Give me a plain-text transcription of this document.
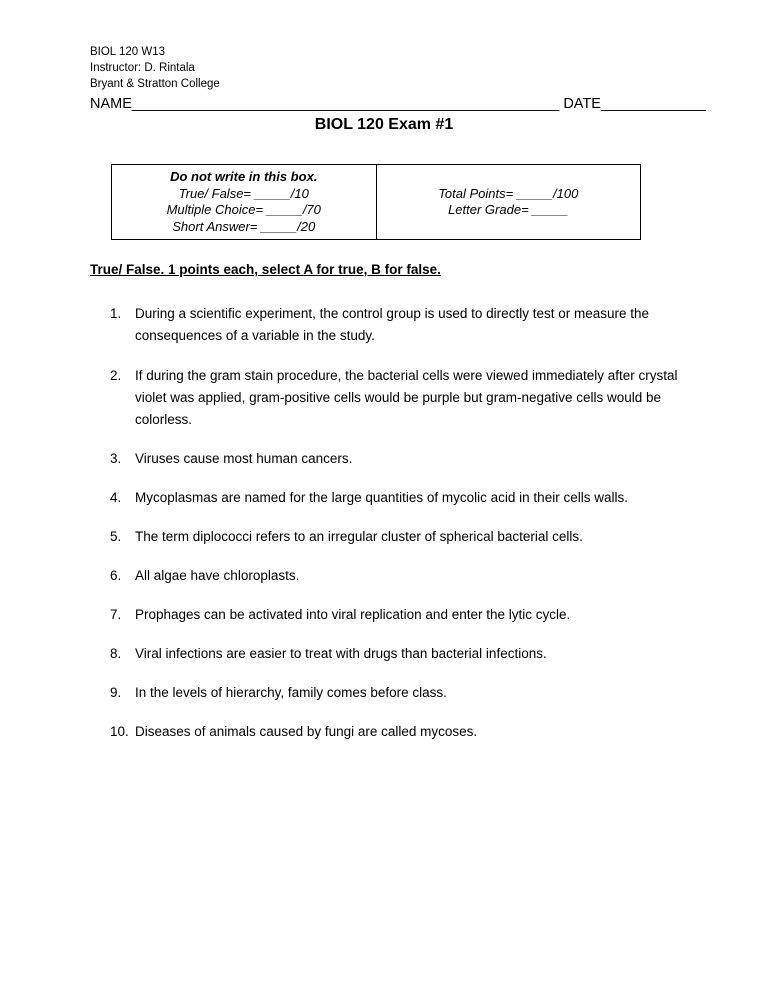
BIOL 120 W13
Instructor: D. Rintala
Bryant & Stratton College
NAME_____________________________________________________ DATE_____________
BIOL 120 Exam #1
Do not write in this box.
True/ False= _____/10
Multiple Choice= _____/70
Short Answer= _____/20
Total Points= _____/100
Letter Grade= _____
True/ False. 1 points each, select A for true, B for false.
1. During a scientific experiment, the control group is used to directly test or measure the consequences of a variable in the study.
2. If during the gram stain procedure, the bacterial cells were viewed immediately after crystal violet was applied, gram-positive cells would be purple but gram-negative cells would be colorless.
3. Viruses cause most human cancers.
4. Mycoplasmas are named for the large quantities of mycolic acid in their cells walls.
5. The term diplococci refers to an irregular cluster of spherical bacterial cells.
6. All algae have chloroplasts.
7. Prophages can be activated into viral replication and enter the lytic cycle.
8. Viral infections are easier to treat with drugs than bacterial infections.
9. In the levels of hierarchy, family comes before class.
10. Diseases of animals caused by fungi are called mycoses.
